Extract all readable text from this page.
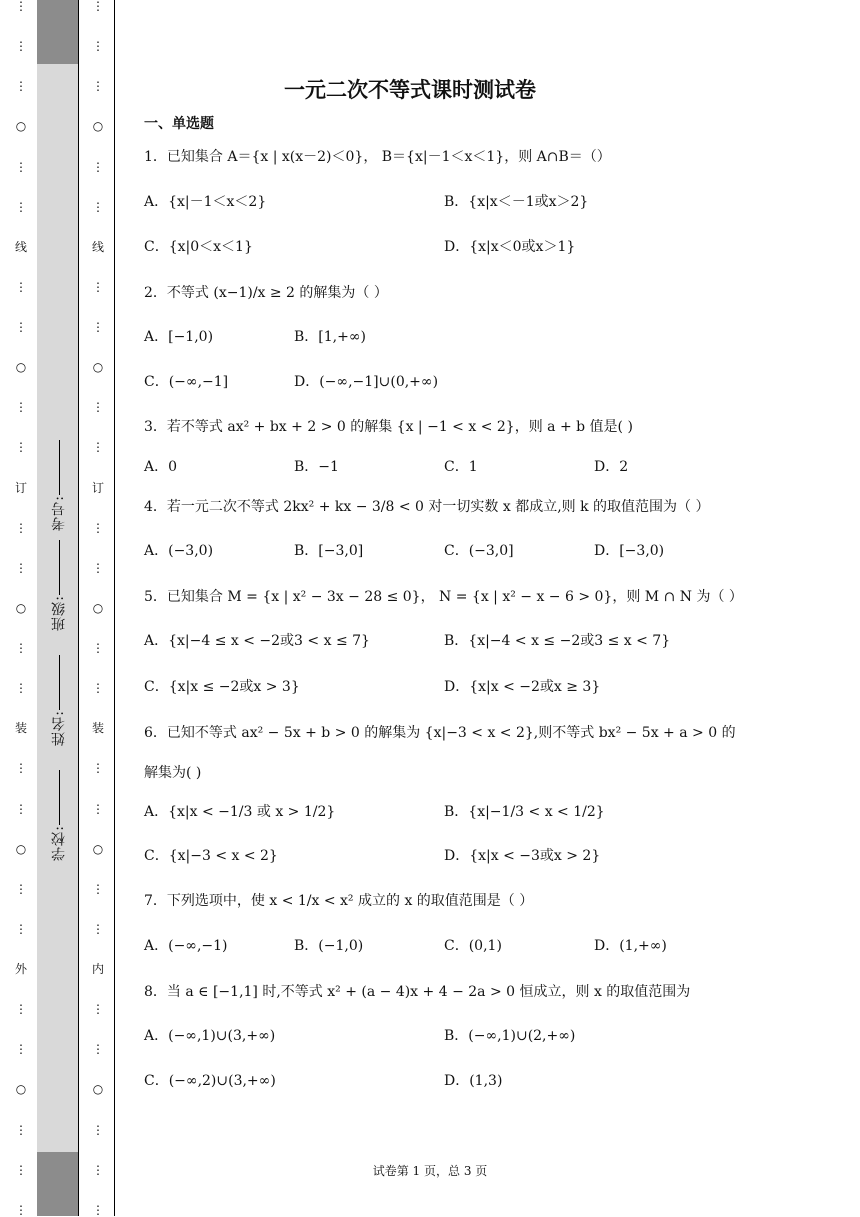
⋮
⋮
⋮
○
⋮
⋮
线
⋮
⋮
○
⋮
⋮
订
⋮
⋮
○
⋮
⋮
装
⋮
⋮
○
⋮
⋮
外
⋮
⋮
○
⋮
⋮
⋮
考号:
班级:
姓名:
学校:
⋮
⋮
⋮
○
⋮
⋮
线
⋮
⋮
○
⋮
⋮
订
⋮
⋮
○
⋮
⋮
装
⋮
⋮
○
⋮
⋮
内
⋮
⋮
○
⋮
⋮
⋮
一元二次不等式课时测试卷
一、单选题
1．已知集合 A＝{x | x(x－2)＜0}， B＝{x|－1＜x＜1}，则 A∩B＝（）
A．{x|－1＜x＜2}	B．{x|x＜－1或x＞2}
C．{x|0＜x＜1}	D．{x|x＜0或x＞1}
2．不等式 (x−1)/x ≥ 2 的解集为（ ）
A．[−1,0)	B．[1,+∞)
C．(−∞,−1]	D．(−∞,−1]∪(0,+∞)
3．若不等式 ax² + bx + 2 > 0 的解集 {x | −1 < x < 2}，则 a + b 值是( )
A．0	B．−1	C．1	D．2
4．若一元二次不等式 2kx² + kx − 3/8 < 0 对一切实数 x 都成立,则 k 的取值范围为（ ）
A．(−3,0)	B．[−3,0]	C．(−3,0]	D．[−3,0)
5．已知集合 M = {x | x² − 3x − 28 ≤ 0}， N = {x | x² − x − 6 > 0}，则 M ∩ N 为（ ）
A．{x|−4 ≤ x < −2或3 < x ≤ 7}	B．{x|−4 < x ≤ −2或3 ≤ x < 7}
C．{x|x ≤ −2或x > 3}	D．{x|x < −2或x ≥ 3}
6．已知不等式 ax² − 5x + b > 0 的解集为 {x|−3 < x < 2},则不等式 bx² − 5x + a > 0 的
解集为( )
A．{x|x < −1/3 或 x > 1/2}	B．{x|−1/3 < x < 1/2}
C．{x|−3 < x < 2}	D．{x|x < −3或x > 2}
7．下列选项中，使 x < 1/x < x² 成立的 x 的取值范围是（ ）
A．(−∞,−1)	B．(−1,0)	C．(0,1)	D．(1,+∞)
8．当 a ∈ [−1,1] 时,不等式 x² + (a − 4)x + 4 − 2a > 0 恒成立，则 x 的取值范围为
A．(−∞,1)∪(3,+∞)	B．(−∞,1)∪(2,+∞)
C．(−∞,2)∪(3,+∞)	D．(1,3)
试卷第 1 页，总 3 页
